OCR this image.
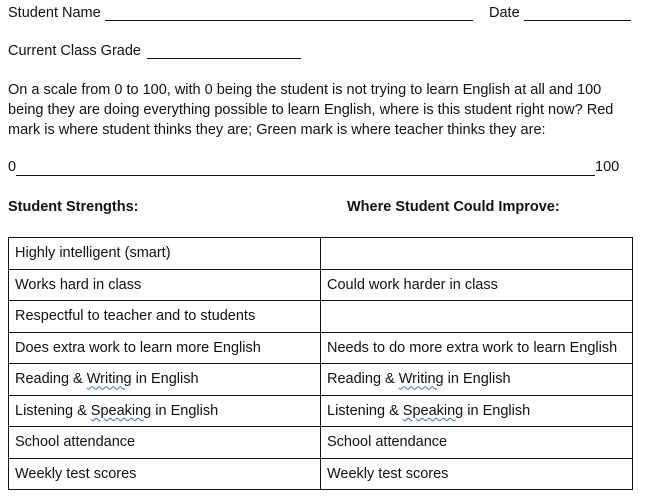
Student Name	Date
Current Class Grade
On a scale from 0 to 100, with 0 being the student is not trying to learn English at all and 100 being they are doing everything possible to learn English, where is this student right now? Red mark is where student thinks they are; Green mark is where teacher thinks they are:
0	100
Student Strengths:	Where Student Could Improve:
Highly intelligent (smart)	
Works hard in class	Could work harder in class
Respectful to teacher and to students	
Does extra work to learn more English	Needs to do more extra work to learn English
Reading & Writing in English	Reading & Writing in English
Listening & Speaking in English	Listening & Speaking in English
School attendance	School attendance
Weekly test scores	Weekly test scores
